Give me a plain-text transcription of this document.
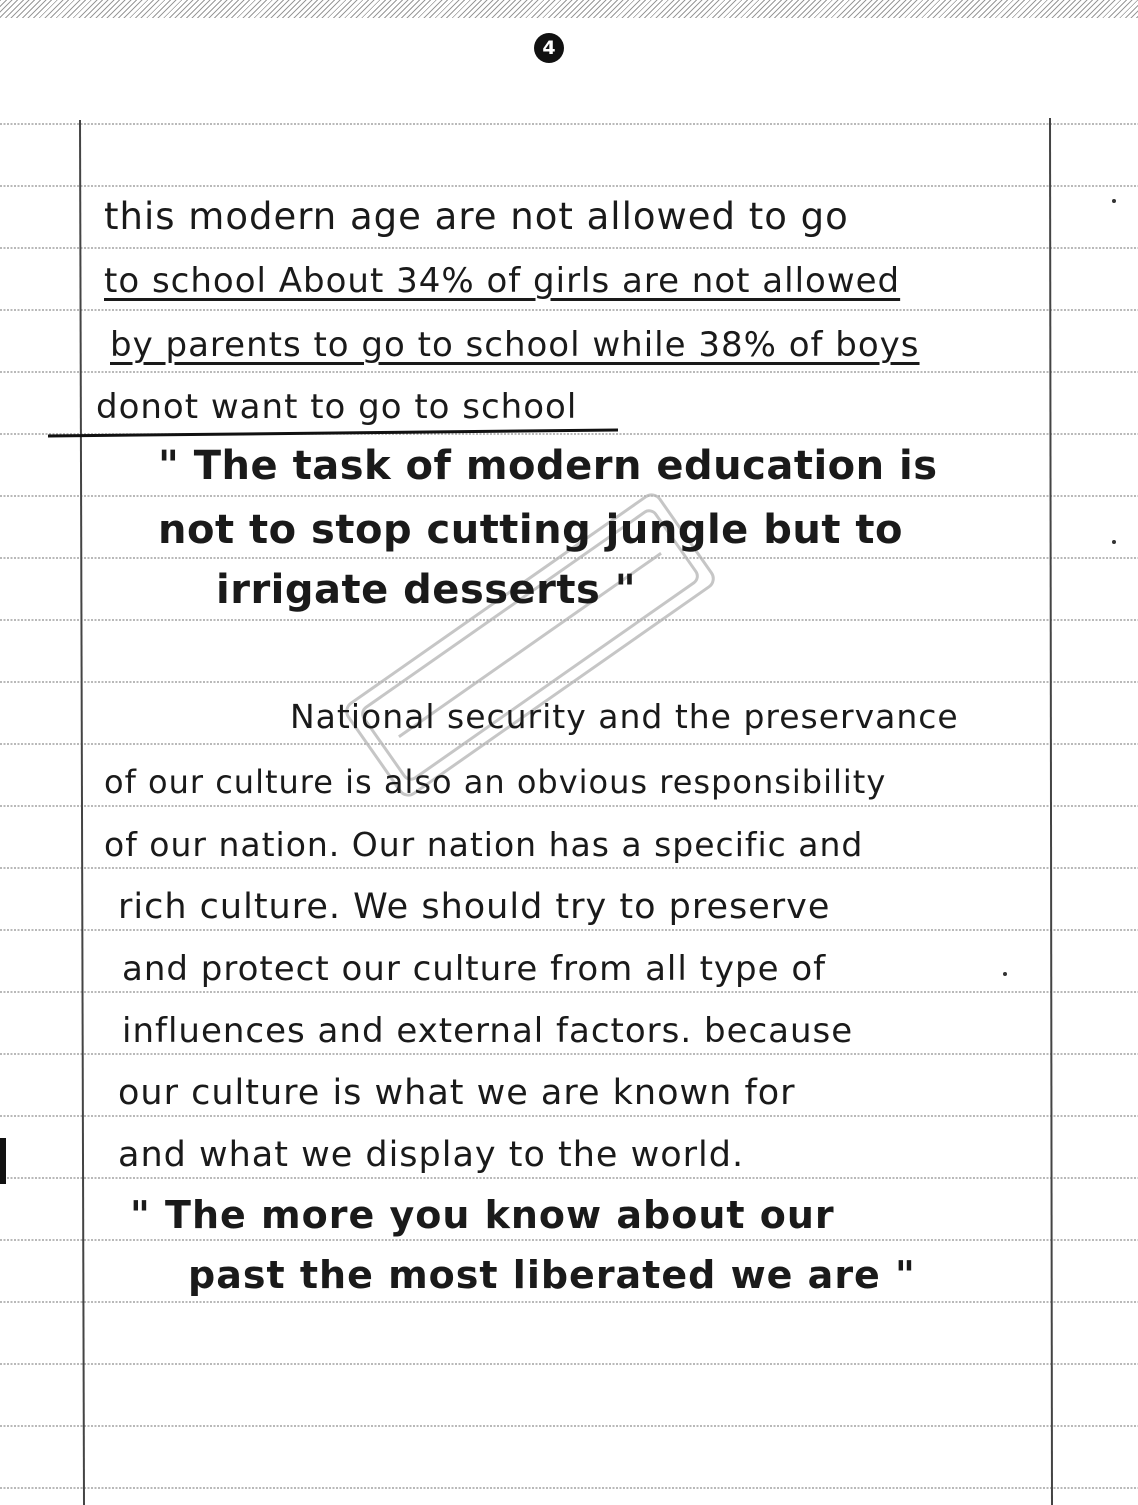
4
this modern age are not allowed to go
to school About 34% of girls are not allowed
by parents to go to school while 38% of boys
donot want to go to school
" The task of modern education is
not to stop cutting jungle but to
irrigate desserts "
National security and the preservance
of our culture is also an obvious responsibility
of our nation. Our nation has a specific and
rich culture. We should try to preserve
and protect our culture from all type of
influences and external factors. because
our culture is what we are known for
and what we display to the world.
" The more you know about our
past the most liberated we are "
